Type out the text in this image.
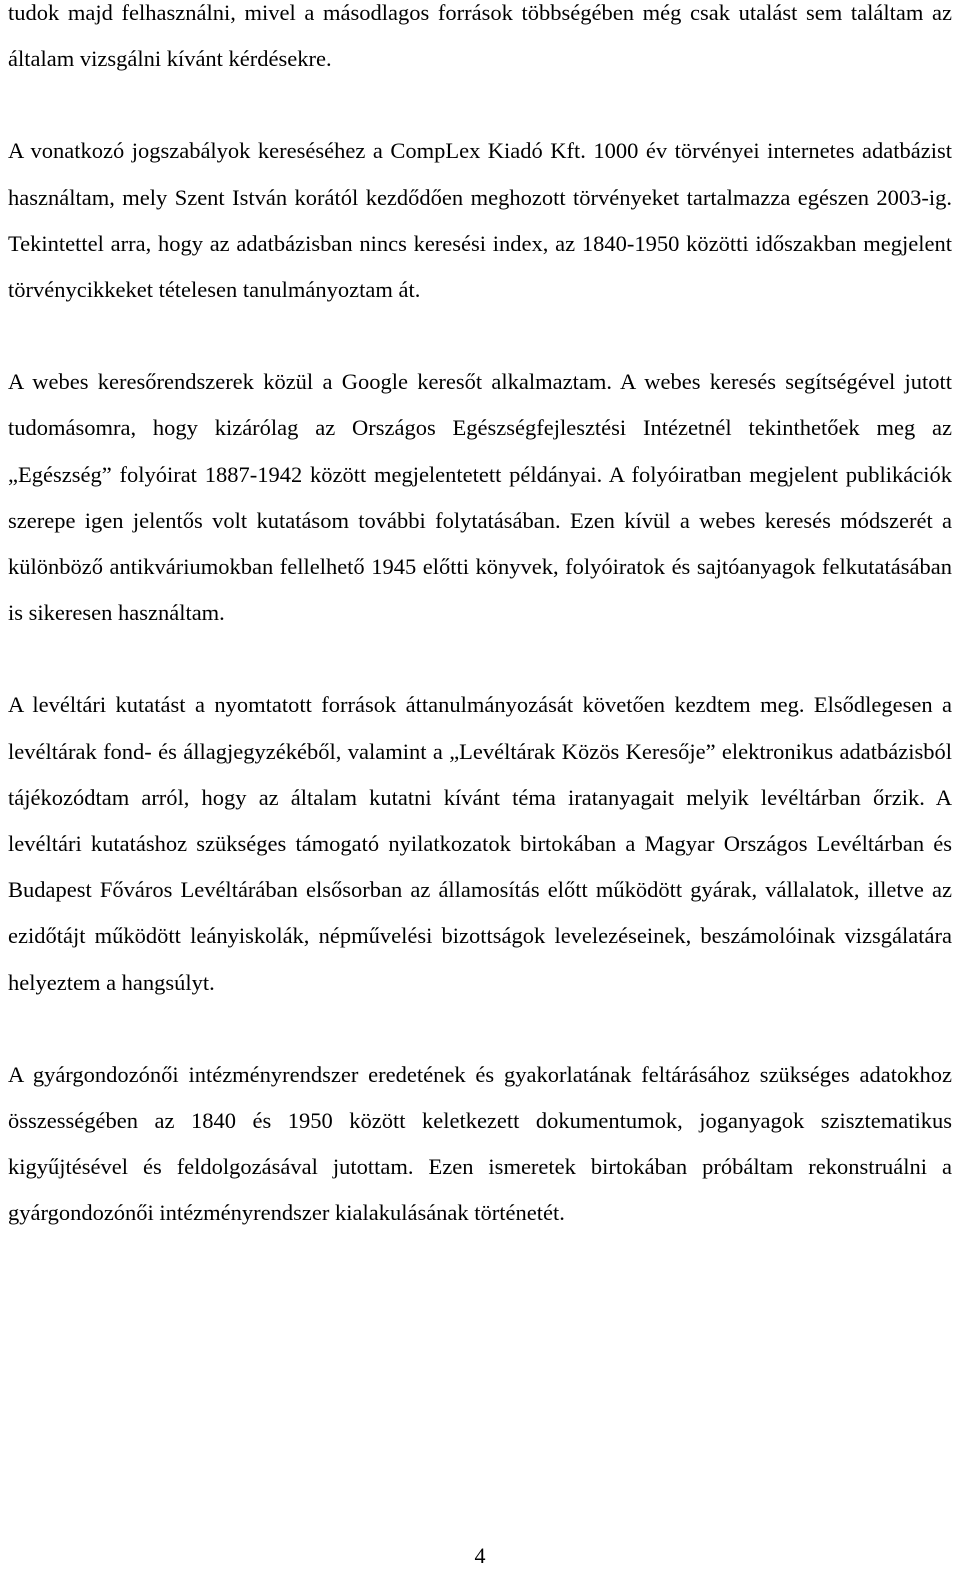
tudok majd felhasználni, mivel a másodlagos források többségében még csak utalást sem találtam az általam vizsgálni kívánt kérdésekre.

A vonatkozó jogszabályok kereséséhez a CompLex Kiadó Kft. 1000 év törvényei internetes adatbázist használtam, mely Szent István korától kezdődően meghozott törvényeket tartalmazza egészen 2003-ig. Tekintettel arra, hogy az adatbázisban nincs keresési index, az 1840-1950 közötti időszakban megjelent törvénycikkeket tételesen tanulmányoztam át.

A webes keresőrendszerek közül a Google keresőt alkalmaztam. A webes keresés segítségével jutott tudomásomra, hogy kizárólag az Országos Egészségfejlesztési Intézetnél tekinthetőek meg az „Egészség” folyóirat 1887-1942 között megjelentetett példányai. A folyóiratban megjelent publikációk szerepe igen jelentős volt kutatásom további folytatásában. Ezen kívül a webes keresés módszerét a különböző antikváriumokban fellelhető 1945 előtti könyvek, folyóiratok és sajtóanyagok felkutatásában is sikeresen használtam.

A levéltári kutatást a nyomtatott források áttanulmányozását követően kezdtem meg. Elsődlegesen a levéltárak fond- és állagjegyzékéből, valamint a „Levéltárak Közös Keresője” elektronikus adatbázisból tájékozódtam arról, hogy az általam kutatni kívánt téma iratanyagait melyik levéltárban őrzik. A levéltári kutatáshoz szükséges támogató nyilatkozatok birtokában a Magyar Országos Levéltárban és Budapest Főváros Levéltárában elsősorban az államosítás előtt működött gyárak, vállalatok, illetve az ezidőtájt működött leányiskolák, népművelési bizottságok levelezéseinek, beszámolóinak vizsgálatára helyeztem a hangsúlyt.

A gyárgondozónői intézményrendszer eredetének és gyakorlatának feltárásához szükséges adatokhoz összességében az 1840 és 1950 között keletkezett dokumentumok, joganyagok szisztematikus kigyűjtésével és feldolgozásával jutottam. Ezen ismeretek birtokában próbáltam rekonstruálni a gyárgondozónői intézményrendszer kialakulásának történetét.

4
